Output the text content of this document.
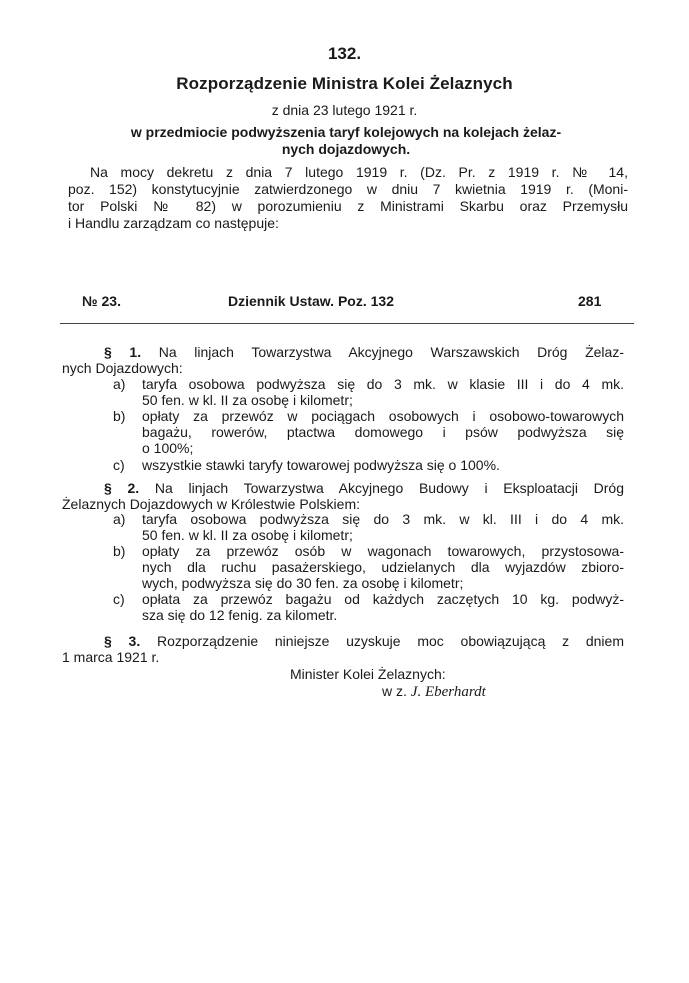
132.
Rozporządzenie Ministra Kolei Żelaznych
z dnia 23 lutego 1921 r.
w przedmiocie podwyższenia taryf kolejowych na kolejach żelaz-
nych dojazdowych.
Na mocy dekretu z dnia 7 lutego 1919 r. (Dz. Pr. z 1919 r. № 14,
poz. 152) konstytucyjnie zatwierdzonego w dniu 7 kwietnia 1919 r. (Moni-
tor Polski № 82) w porozumieniu z Ministrami Skarbu oraz Przemysłu
i Handlu zarządzam co następuje:
№ 23.	Dziennik Ustaw. Poz. 132	281
§ 1. Na linjach Towarzystwa Akcyjnego Warszawskich Dróg Żelaz-
nych Dojazdowych:
a) taryfa osobowa podwyższa się do 3 mk. w klasie III i do 4 mk.
50 fen. w kl. II za osobę i kilometr;
b) opłaty za przewóz w pociągach osobowych i osobowo-towarowych
bagażu, rowerów, ptactwa domowego i psów podwyższa się
o 100%;
c) wszystkie stawki taryfy towarowej podwyższa się o 100%.
§ 2. Na linjach Towarzystwa Akcyjnego Budowy i Eksploatacji Dróg
Żelaznych Dojazdowych w Królestwie Polskiem:
a) taryfa osobowa podwyższa się do 3 mk. w kl. III i do 4 mk.
50 fen. w kl. II za osobę i kilometr;
b) opłaty za przewóz osób w wagonach towarowych, przystosowa-
nych dla ruchu pasażerskiego, udzielanych dla wyjazdów zbioro-
wych, podwyższa się do 30 fen. za osobę i kilometr;
c) opłata za przewóz bagażu od każdych zaczętych 10 kg. podwyż-
sza się do 12 fenig. za kilometr.
§ 3. Rozporządzenie niniejsze uzyskuje moc obowiązującą z dniem
1 marca 1921 r.
Minister Kolei Żelaznych:
w z. J. Eberhardt
